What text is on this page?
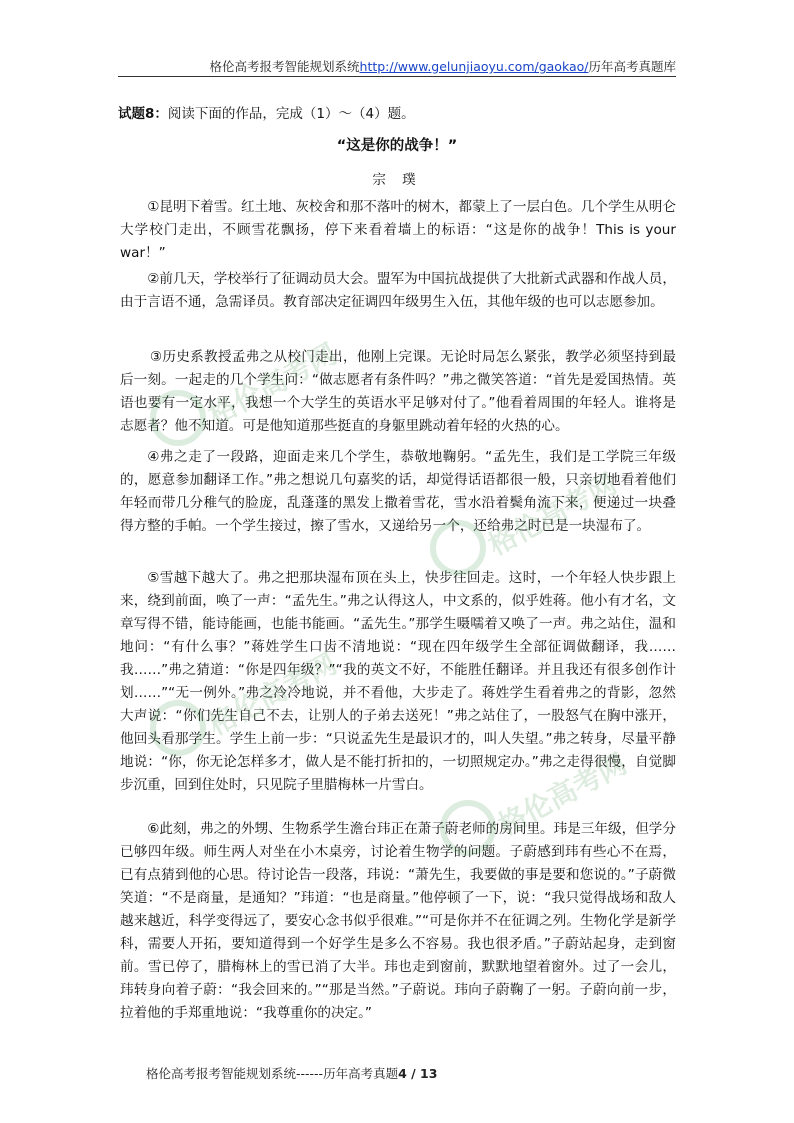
格伦高考报考智能规划系统http://www.gelunjiaoyu.com/gaokao/历年高考真题库
试题8：阅读下面的作品，完成（1）～（4）题。
“这是你的战争！”
宗 璞

①昆明下着雪。红土地、灰校舍和那不落叶的树木，都蒙上了一层白色。几个学生从明仑大学校门走出，不顾雪花飘扬，停下来看着墙上的标语：“这是你的战争！This is your war！”

②前几天，学校举行了征调动员大会。盟军为中国抗战提供了大批新式武器和作战人员，由于言语不通，急需译员。教育部决定征调四年级男生入伍，其他年级的也可以志愿参加。

③历史系教授孟弗之从校门走出，他刚上完课。无论时局怎么紧张，教学必须坚持到最后一刻。一起走的几个学生问：“做志愿者有条件吗？”弗之微笑答道：“首先是爱国热情。英语也要有一定水平，我想一个大学生的英语水平足够对付了。”他看着周围的年轻人。谁将是志愿者？他不知道。可是他知道那些挺直的身躯里跳动着年轻的火热的心。

④弗之走了一段路，迎面走来几个学生，恭敬地鞠躬。“孟先生，我们是工学院三年级的，愿意参加翻译工作。”弗之想说几句嘉奖的话，却觉得话语都很一般，只亲切地看着他们年轻而带几分稚气的脸庞，乱蓬蓬的黑发上撒着雪花，雪水沿着鬓角流下来，便递过一块叠得方整的手帕。一个学生接过，擦了雪水，又递给另一个，还给弗之时已是一块湿布了。

⑤雪越下越大了。弗之把那块湿布顶在头上，快步往回走。这时，一个年轻人快步跟上来，绕到前面，唤了一声：“孟先生。”弗之认得这人，中文系的，似乎姓蒋。他小有才名，文章写得不错，能诗能画，也能书能画。“孟先生。”那学生嗫嚅着又唤了一声。弗之站住，温和地问：“有什么事？”蒋姓学生口齿不清地说：“现在四年级学生全部征调做翻译，我……我……”弗之猜道：“你是四年级？”“我的英文不好，不能胜任翻译。并且我还有很多创作计划……”“无一例外。”弗之冷冷地说，并不看他，大步走了。蒋姓学生看着弗之的背影，忽然大声说：“你们先生自己不去，让别人的子弟去送死！”弗之站住了，一股怒气在胸中涨开，他回头看那学生。学生上前一步：“只说孟先生是最识才的，叫人失望。”弗之转身，尽量平静地说：“你，你无论怎样多才，做人是不能打折扣的，一切照规定办。”弗之走得很慢，自觉脚步沉重，回到住处时，只见院子里腊梅林一片雪白。

⑥此刻，弗之的外甥、生物系学生澹台玮正在萧子蔚老师的房间里。玮是三年级，但学分已够四年级。师生两人对坐在小木桌旁，讨论着生物学的问题。子蔚感到玮有些心不在焉，已有点猜到他的心思。待讨论告一段落，玮说：“萧先生，我要做的事是要和您说的。”子蔚微笑道：“不是商量，是通知？”玮道：“也是商量。”他停顿了一下，说：“我只觉得战场和敌人越来越近，科学变得远了，要安心念书似乎很难。”“可是你并不在征调之列。生物化学是新学科，需要人开拓，要知道得到一个好学生是多么不容易。我也很矛盾。”子蔚站起身，走到窗前。雪已停了，腊梅林上的雪已消了大半。玮也走到窗前，默默地望着窗外。过了一会儿，玮转身向着子蔚：“我会回来的。”“那是当然。”子蔚说。玮向子蔚鞠了一躬。子蔚向前一步，拉着他的手郑重地说：“我尊重你的决定。”

格伦高考报考智能规划系统------历年高考真题4 / 13
格伦高考网
格伦高考网
格伦高考网
格伦高考网
